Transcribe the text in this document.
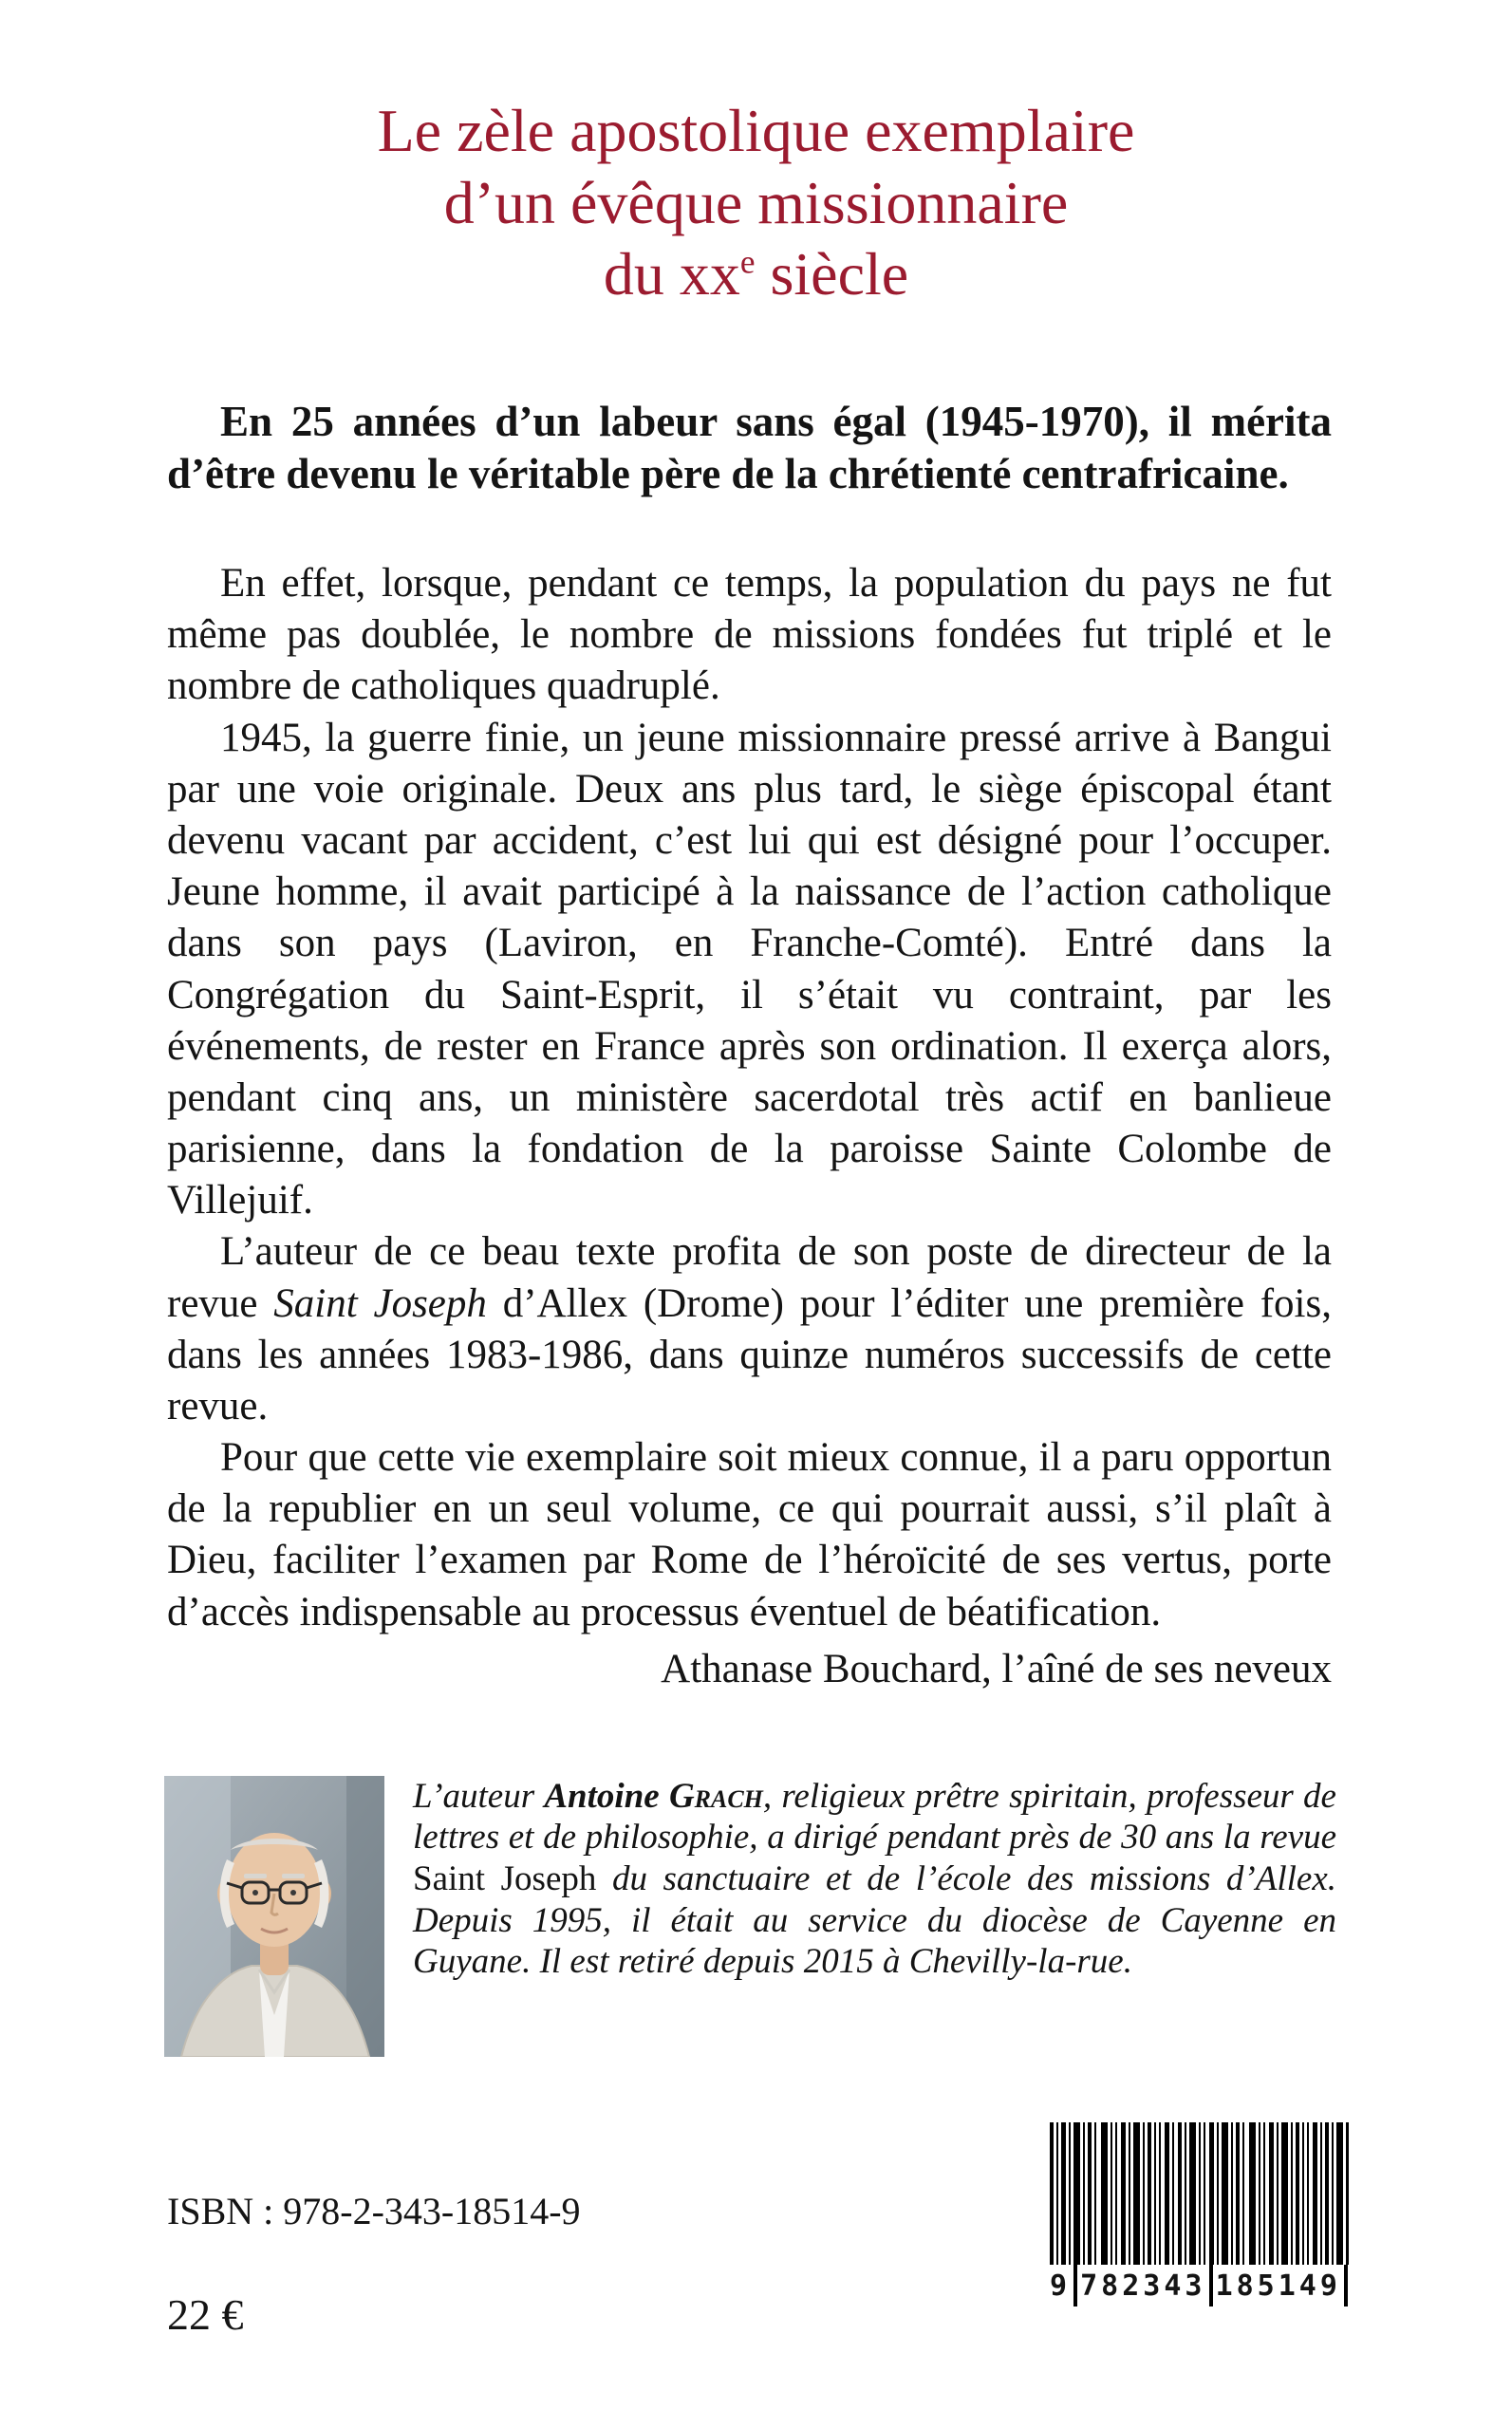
Le zèle apostolique exemplaire
d’un évêque missionnaire
du $xx^e$ siècle
En 25 années d’un labeur sans égal (1945-1970), il mérita d’être devenu le véritable père de la chrétienté centrafricaine.

En effet, lorsque, pendant ce temps, la population du pays ne fut même pas doublée, le nombre de missions fondées fut triplé et le nombre de catholiques quadruplé.

1945, la guerre finie, un jeune missionnaire pressé arrive à Bangui par une voie originale. Deux ans plus tard, le siège épiscopal étant devenu vacant par accident, c’est lui qui est désigné pour l’occuper. Jeune homme, il avait participé à la naissance de l’action catholique dans son pays (Laviron, en Franche-Comté). Entré dans la Congrégation du Saint-Esprit, il s’était vu contraint, par les événements, de rester en France après son ordination. Il exerça alors, pendant cinq ans, un ministère sacerdotal très actif en banlieue parisienne, dans la fondation de la paroisse Sainte Colombe de Villejuif.

L’auteur de ce beau texte profita de son poste de directeur de la revue Saint Joseph d’Allex (Drome) pour l’éditer une première fois, dans les années 1983-1986, dans quinze numéros successifs de cette revue.

Pour que cette vie exemplaire soit mieux connue, il a paru opportun de la republier en un seul volume, ce qui pourrait aussi, s’il plaît à Dieu, faciliter l’examen par Rome de l’héroïcité de ses vertus, porte d’accès indispensable au processus éventuel de béatification.

Athanase Bouchard, l’aîné de ses neveux
L’auteur Antoine Grach, religieux prêtre spiritain, professeur de lettres et de philosophie, a dirigé pendant près de 30 ans la revue Saint Joseph du sanctuaire et de l’école des missions d’Allex. Depuis 1995, il était au service du diocèse de Cayenne en Guyane. Il est retiré depuis 2015 à Chevilly-la-rue.
ISBN : 978-2-343-18514-9
22 €
9 782343 185149
